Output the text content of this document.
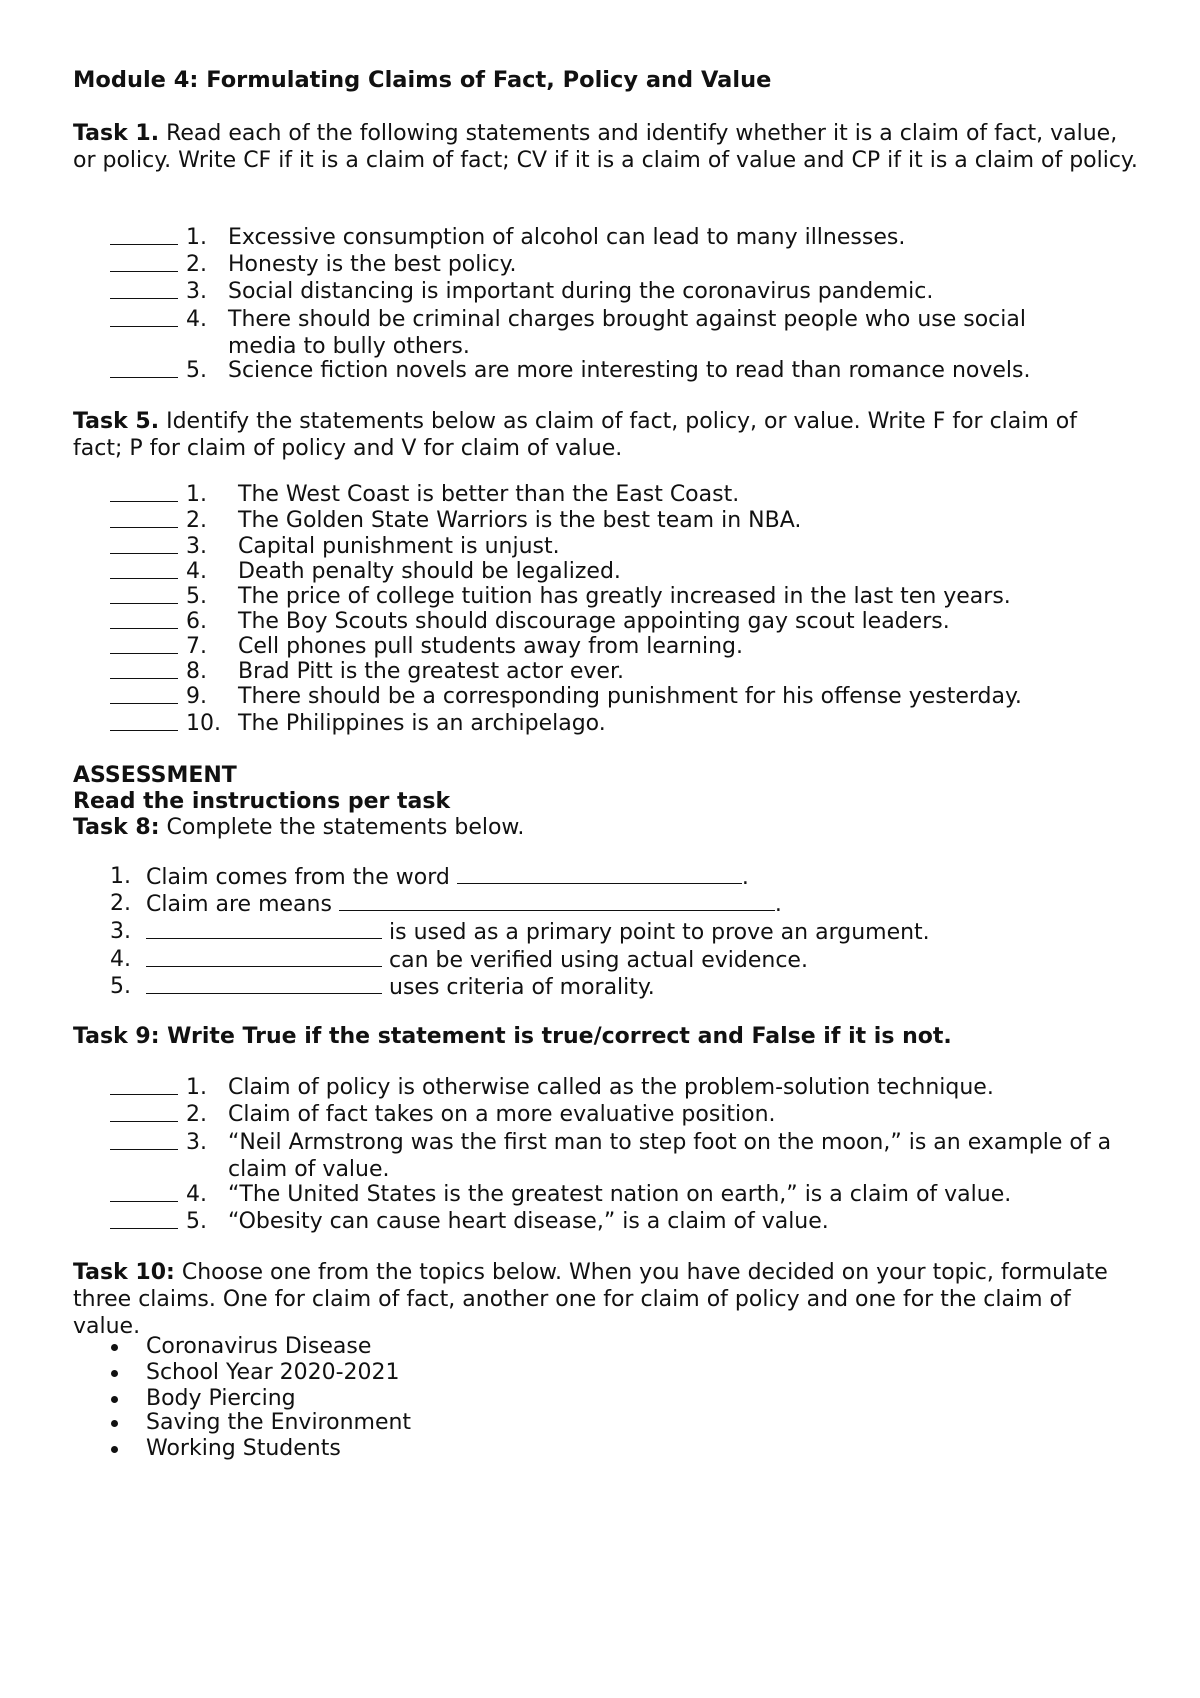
Module 4: Formulating Claims of Fact, Policy and Value
Task 1. Read each of the following statements and identify whether it is a claim of fact, value, or policy. Write CF if it is a claim of fact; CV if it is a claim of value and CP if it is a claim of policy.
1. Excessive consumption of alcohol can lead to many illnesses.
2. Honesty is the best policy.
3. Social distancing is important during the coronavirus pandemic.
4. There should be criminal charges brought against people who use social media to bully others.
5. Science fiction novels are more interesting to read than romance novels.
Task 5. Identify the statements below as claim of fact, policy, or value. Write F for claim of fact; P for claim of policy and V for claim of value.
1. The West Coast is better than the East Coast.
2. The Golden State Warriors is the best team in NBA.
3. Capital punishment is unjust.
4. Death penalty should be legalized.
5. The price of college tuition has greatly increased in the last ten years.
6. The Boy Scouts should discourage appointing gay scout leaders.
7. Cell phones pull students away from learning.
8. Brad Pitt is the greatest actor ever.
9. There should be a corresponding punishment for his offense yesterday.
10. The Philippines is an archipelago.
ASSESSMENT
Read the instructions per task
Task 8: Complete the statements below.
1. Claim comes from the word	.
2. Claim are means	.
3.	is used as a primary point to prove an argument.
4.	can be verified using actual evidence.
5.	uses criteria of morality.
Task 9: Write True if the statement is true/correct and False if it is not.
1. Claim of policy is otherwise called as the problem-solution technique.
2. Claim of fact takes on a more evaluative position.
3. “Neil Armstrong was the first man to step foot on the moon,” is an example of a claim of value.
4. “The United States is the greatest nation on earth,” is a claim of value.
5. “Obesity can cause heart disease,” is a claim of value.
Task 10: Choose one from the topics below. When you have decided on your topic, formulate three claims. One for claim of fact, another one for claim of policy and one for the claim of value.
Coronavirus Disease
School Year 2020-2021
Body Piercing
Saving the Environment
Working Students
